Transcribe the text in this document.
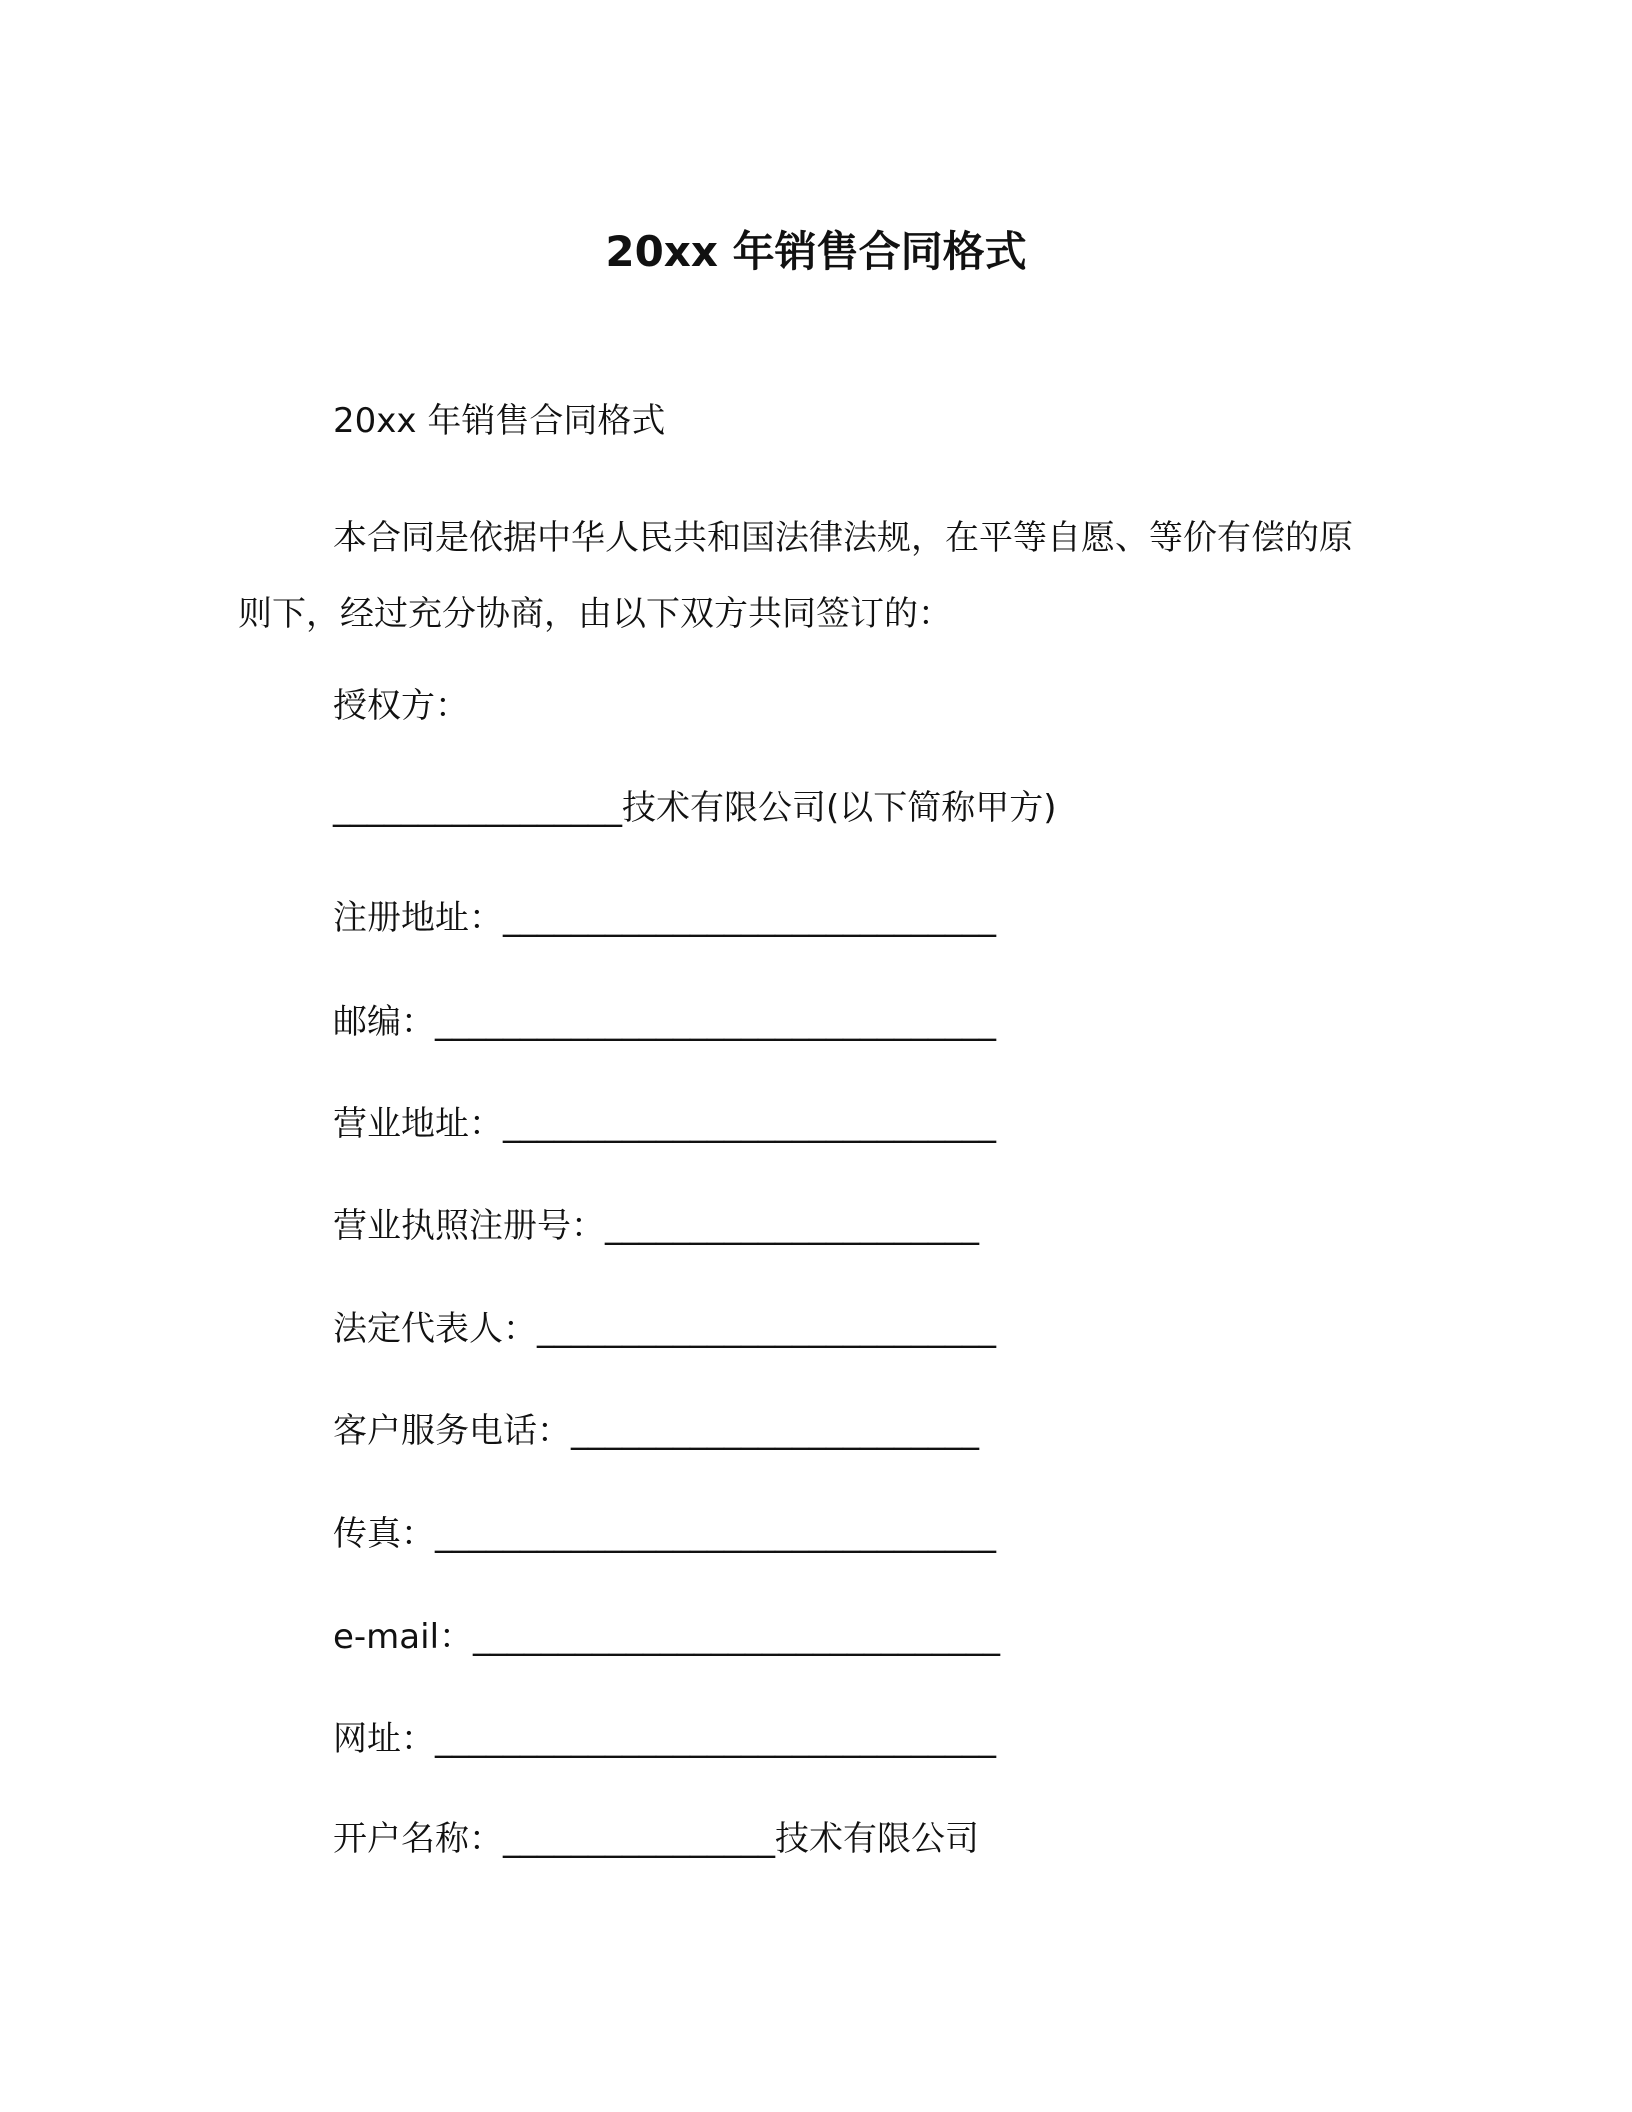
20xx 年销售合同格式
20xx 年销售合同格式

本合同是依据中华人民共和国法律法规，在平等自愿、等价有偿的原则下，经过充分协商，由以下双方共同签订的：

授权方：
_________________技术有限公司(以下简称甲方)
注册地址：_____________________________
邮编：_________________________________
营业地址：_____________________________
营业执照注册号：______________________
法定代表人：___________________________
客户服务电话：________________________
传真：_________________________________
e-mail：_______________________________
网址：_________________________________
开户名称：________________技术有限公司
